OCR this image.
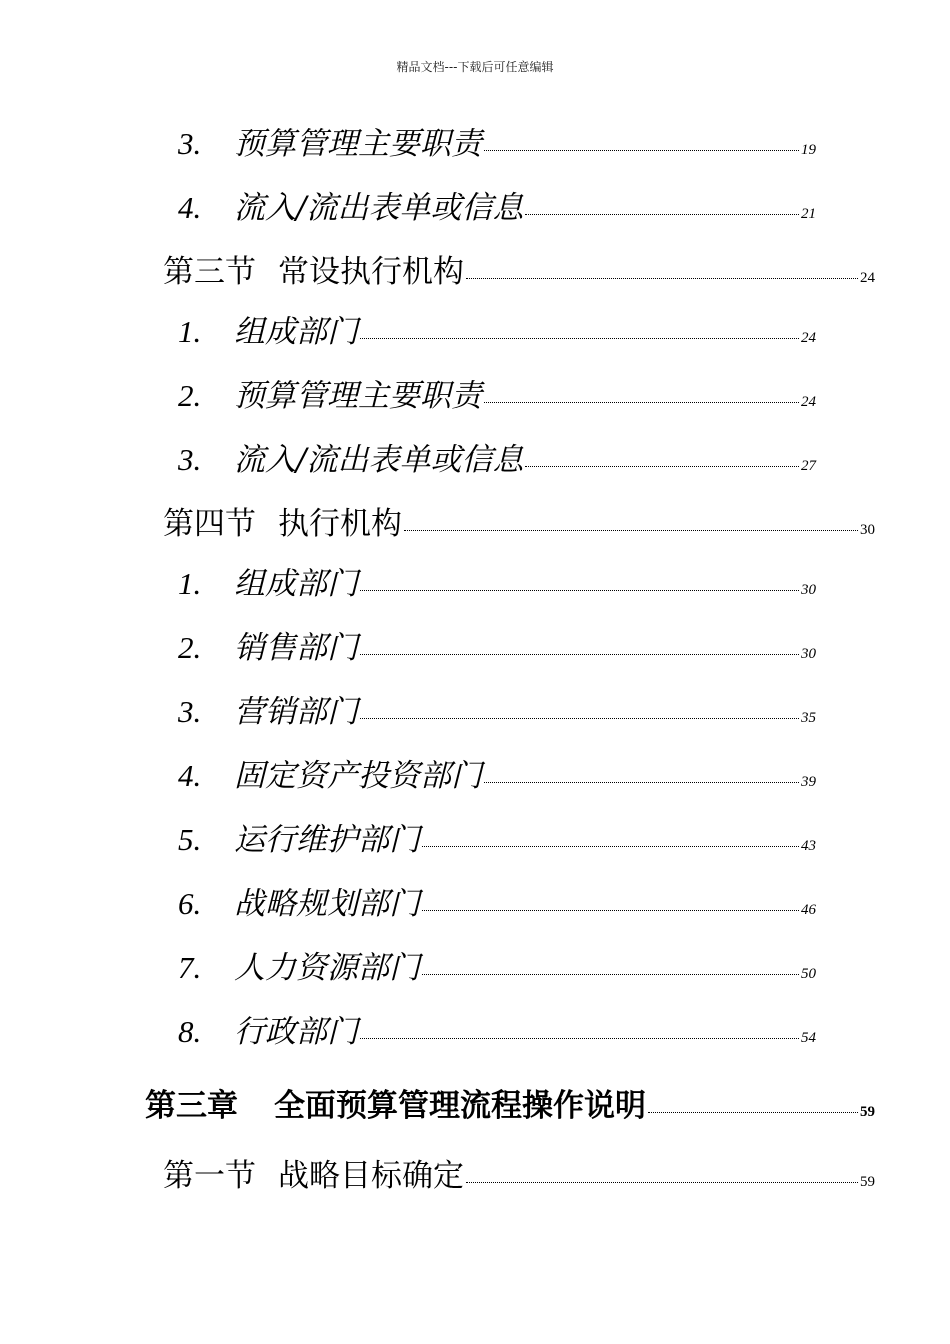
精品文档---下载后可任意编辑
3.	预算管理主要职责	19
4.	流入/流出表单或信息	21
第三节 常设执行机构	24
1.	组成部门	24
2.	预算管理主要职责	24
3.	流入/流出表单或信息	27
第四节 执行机构	30
1.	组成部门	30
2.	销售部门	30
3.	营销部门	35
4.	固定资产投资部门	39
5.	运行维护部门	43
6.	战略规划部门	46
7.	人力资源部门	50
8.	行政部门	54
第三章 全面预算管理流程操作说明	59
第一节 战略目标确定	59
